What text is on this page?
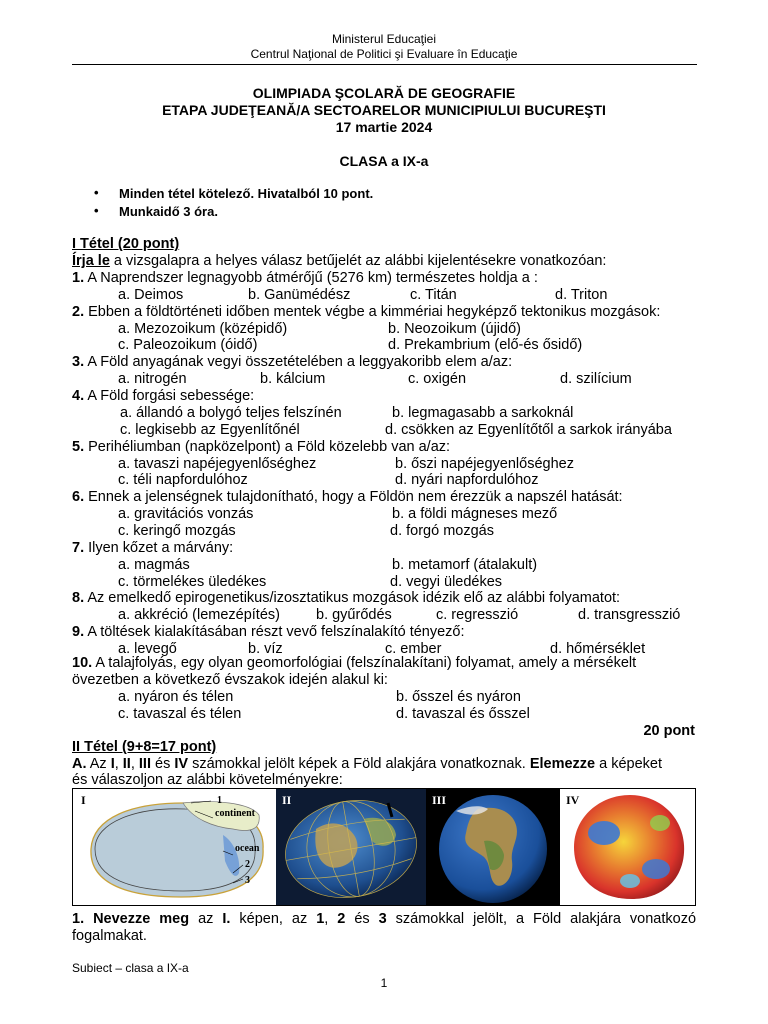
Ministerul Educaţiei
Centrul Naţional de Politici şi Evaluare în Educaţie
OLIMPIADA ŞCOLARĂ DE GEOGRAFIE
ETAPA JUDEŢEANĂ/A SECTOARELOR MUNICIPIULUI BUCUREŞTI
17 martie 2024
CLASA a IX-a
• Minden tétel kötelező. Hivatalból 10 pont.
• Munkaidő 3 óra.
I Tétel (20 pont)
Írja le a vizsgalapra a helyes válasz betűjelét az alábbi kijelentésekre vonatkozóan:
1. A Naprendszer legnagyobb átmérőjű (5276 km) természetes holdja a :
a. Deimos	b. Ganümédész	c. Titán	d. Triton
2. Ebben a földtörténeti időben mentek végbe a kimmériai hegyképző tektonikus mozgások:
a. Mezozoikum (középidő)	b. Neozoikum (újidő)
c. Paleozoikum (óidő)	d. Prekambrium (elő-és ősidő)
3. A Föld anyagának vegyi összetételében a leggyakoribb elem a/az:
a. nitrogén	b. kálcium	c. oxigén	d. szilícium
4. A Föld forgási sebessége:
a. állandó a bolygó teljes felszínén	b. legmagasabb a sarkoknál
c. legkisebb az Egyenlítőnél	d. csökken az Egyenlítőtől a sarkok irányába
5. Perihéliumban (napközelpont) a Föld közelebb van a/az:
a. tavaszi napéjegyenlőséghez	b. őszi napéjegyenlőséghez
c. téli napfordulóhoz	d. nyári napfordulóhoz
6. Ennek a jelenségnek tulajdonítható, hogy a Földön nem érezzük a napszél hatását:
a. gravitációs vonzás	b. a földi mágneses mező
c. keringő mozgás	d. forgó mozgás
7. Ilyen kőzet a márvány:
a. magmás	b. metamorf (átalakult)
c. törmelékes üledékes	d. vegyi üledékes
8. Az emelkedő epirogenetikus/izosztatikus mozgások idézik elő az alábbi folyamatot:
a. akkréció (lemezépítés) b. gyűrődés	c. regresszió	d. transgresszió
9. A töltések kialakításában részt vevő felszínalakító tényező:
a. levegő	b. víz	c. ember	d. hőmérséklet
10. A talajfolyás, egy olyan geomorfológiai (felszínalakítani) folyamat, amely a mérsékelt övezetben a következő évszakok idején alakul ki:
a. nyáron és télen	b. ősszel és nyáron
c. tavaszal és télen	d. tavaszal és ősszel
20 pont
II Tétel (9+8=17 pont)
A. Az I, II, III és IV számokkal jelölt képek a Föld alakjára vonatkoznak. Elemezze a képeket
és válaszoljon az alábbi követelményekre:
1
continent
ocean
2
3
I	II	III	IV
1. Nevezze meg az I. képen, az 1, 2 és 3 számokkal jelölt, a Föld alakjára vonatkozó
fogalmakat.
Subiect – clasa a IX-a
1
